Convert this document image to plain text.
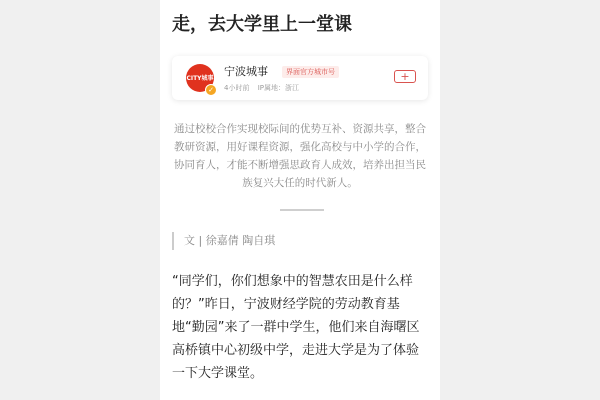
走，去大学里上一堂课
CITY城事
✓
宁波城事	界面官方城市号
4小时前 IP属地：浙江
+
通过校校合作实现校际间的优势互补、资源共享，整合教研资源，用好课程资源，强化高校与中小学的合作，协同育人，才能不断增强思政育人成效，培养出担当民族复兴大任的时代新人。
文 | 徐嘉倩 陶自琪
“同学们，你们想象中的智慧农田是什么样的？”昨日，宁波财经学院的劳动教育基地“勤园”来了一群中学生，他们来自海曙区高桥镇中心初级中学，走进大学是为了体验一下大学课堂。
